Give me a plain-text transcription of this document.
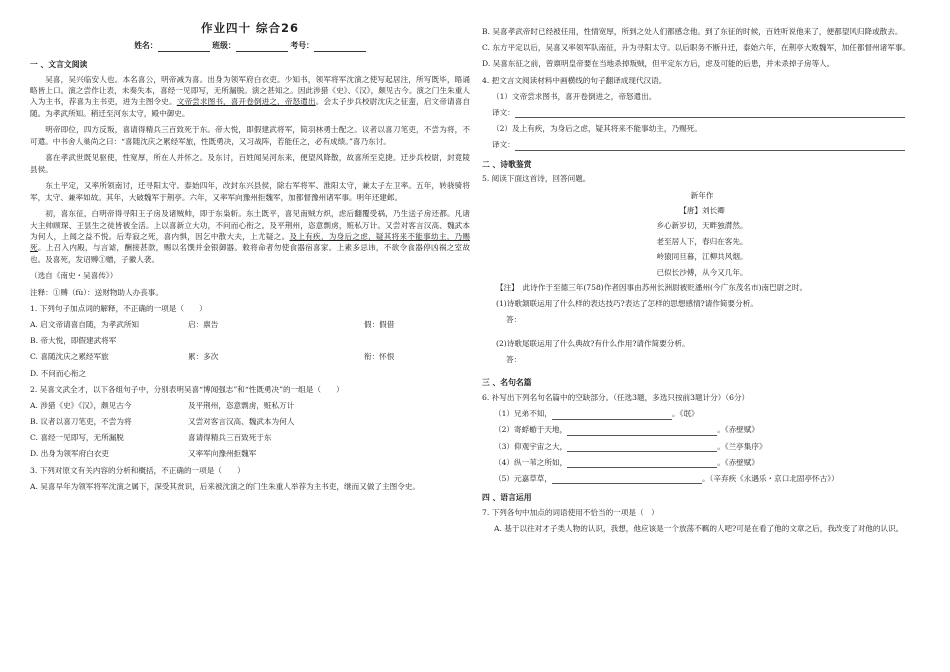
作业四十 综合26
姓名：	班级：	考号：
一 、文言文阅读

吴喜，吴兴临安人也。本名喜公，明帝减为喜。出身为领军府白衣吏。少知书，领军将军沈演之使写起居注，所写既毕，晤诵略皆上口。演之尝作让表，未奏失本，喜经一见即写，无所漏脱。演之甚知之。因此涉猎《史》、《汉》，颇见古今。演之门生朱重人入为主书，荐喜为主书吏，进为主图令史。文帝尝求图书，喜开卷倒进之，帝怒遣出。会太子步兵校尉沈庆之征蛮，启文帝请喜自随。为孝武所知。稍迁至河东太守，殿中御史。

明帝即位，四方反叛，喜请得精兵三百致死于东。帝大悦，即假建武将军，简羽林勇士配之。议者以喜刀笔吏，不尝为将，不可遣。中书舍人巢尚之曰：“喜随沈庆之累经军旅，性既勇决，又习战阵，若能任之，必有成绩。”喜乃东讨。

喜在孝武世既见驱使，性宽厚，所在人并怀之。及东讨，百姓闻吴河东来，便望风降散，故喜所至克捷。迁步兵校尉，封竟陵县侯。

东土平定，又率所领南讨，迁寻阳太守。泰始四年，改封东兴县侯，除右军将军、淮阳太守，兼太子左卫率。五年，转骁骑将军，太守、兼率如故。其年，大破魏军于荆亭。六年，又率军向豫州拒魏军，加都督豫州诸军事。明年还建邺。

初，喜东征，白明帝得寻阳王子房及诸贼帅，即于东枭斩。东土既平，喜见南贼方炽，虑后翻覆受祸，乃生送子房还都。凡诸大主帅顾琛、王昙生之徒皆被全活。上以喜新立大功，不问而心衔之。及平荆州，恣意剽虏，赃私万计。又尝对客言汉高、魏武本为何人，上闻之益不悦。后寿寂之死，喜内惧，因乞中散大夫，上尤疑之。及上有疾，为身后之虑，疑其将来不能事幼主，乃赐死。上召入内殿，与言谑，酬接甚款，赐以名馔并金银御器。敕将命者勿使食器宿喜家。上素多忌讳，不欲令食器停凶祸之室故也。及喜死，发诏赙①赠，子徽人袭。

（选自《南史・吴喜传》）
注释：①赙（fù）：送财物助人办丧事。
1. 下列句子加点词的解释，不正确的一项是（　　）
A. 启文帝请喜自随，为孝武所知	启：禀告	假：假借
B. 帝大悦，即假建武将军
C. 喜随沈庆之累经军旅	累：多次	衔：怀恨
D. 不问而心衔之
2. 吴喜文武全才，以下各组句子中，分别表明吴喜“博闻强志”和“性既勇决”的一组是（　　）
A. 涉猎《史》《汉》，颇见古今	及平荆州，恣意剽虏，赃私万计
B. 议者以喜刀笔吏，不尝为将	又尝对客言汉高、魏武本为何人
C. 喜经一见即写，无所漏脱	喜请得精兵三百致死于东
D. 出身为领军府白衣吏	又率军向豫州拒魏军
3. 下列对原文有关内容的分析和概括，不正确的一项是（　　）
A. 吴喜早年为领军将军沈演之属下，深受其赏识，后来被沈演之的门生朱重人举荐为主书吏，继而又做了主图令史。
B. 吴喜孝武帝时已经被任用，性情宽厚，所到之处人们都感念他。到了东征的时候，百姓听说他来了，便都望风归降或散去。
C. 东方平定以后，吴喜又率领军队南征，升为寻阳太守。以后职务不断升迁，泰始六年，在荆亭大败魏军，加任都督州诸军事。
D. 吴喜东征之前，曾禀明皇帝要在当地杀掉叛贼，但平定东方后，虑及可能的后患，并未杀掉子房等人。
4. 把文言文阅读材料中画横线的句子翻译成现代汉语。
（1）文帝尝求图书，喜开卷倒进之，帝怒遣出。
译文：
（2）及上有疾，为身后之虑，疑其将来不能事幼主，乃赐死。
译文：
二 、诗歌鉴赏
5. 阅读下面这首诗，回答问题。
新年作
【唐】刘长卿
乡心新岁切，天畔独潸然。
老至居人下，春归在客先。
岭猿同旦暮，江柳共风烟。
已似长沙傅，从今又几年。
【注】　此诗作于至德三年(758)作者因事由苏州长洲尉被贬潘州(今广东茂名市)南巴尉之时。
(1)诗歌颔联运用了什么样的表达技巧?表达了怎样的思想感情?请作简要分析。
答：
(2)诗歌尾联运用了什么典故?有什么作用?请作简要分析。
答：
三 、名句名篇
6. 补写出下列名句名篇中的空缺部分。（任选3题，多选只按前3题计分）（6分）
（1）兄弟不知，	。《氓》
（2）寄蜉蝣于天地，	。《赤壁赋》
（3）仰观宇宙之大，	。《兰亭集序》
（4）纵一苇之所如，	。《赤壁赋》
（5）元嘉草草，	。（辛弃疾《永遇乐・京口北固亭怀古》）
四 、语言运用
7. 下列各句中加点的词语使用不恰当的一项是（　）
A. 基于以往对才子类人物的认识，我想，他应该是一个放荡不羁的人吧?可是在看了他的文章之后，我改变了对他的认识。
